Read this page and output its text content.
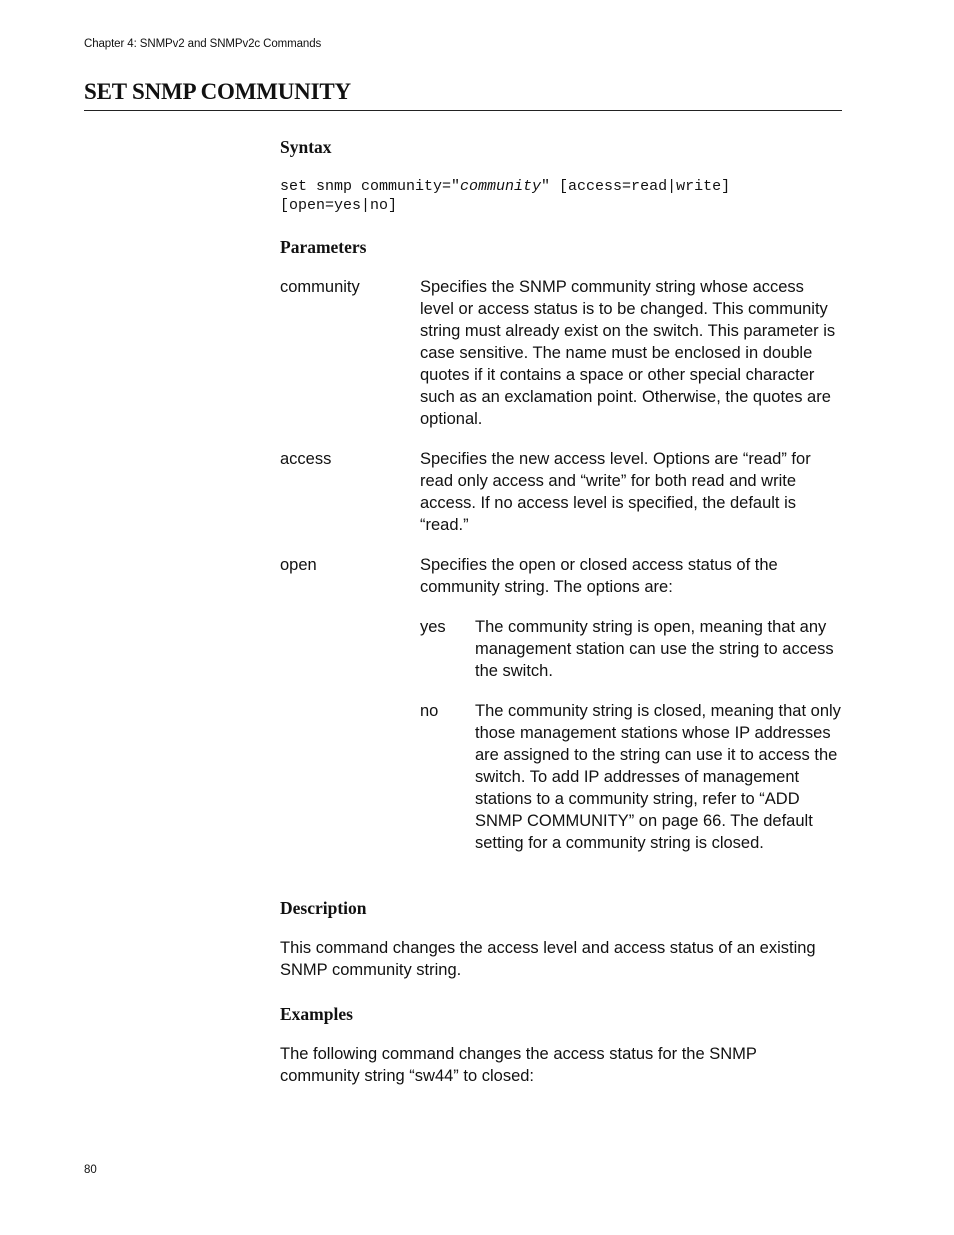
Chapter 4: SNMPv2 and SNMPv2c Commands
SET SNMP COMMUNITY
Syntax
set snmp community="community" [access=read|write]
[open=yes|no]
Parameters
community	Specifies the SNMP community string whose access level or access status is to be changed. This community string must already exist on the switch. This parameter is case sensitive. The name must be enclosed in double quotes if it contains a space or other special character such as an exclamation point. Otherwise, the quotes are optional.
access	Specifies the new access level. Options are “read” for read only access and “write” for both read and write access. If no access level is specified, the default is “read.”
open	Specifies the open or closed access status of the community string. The options are:
yes The community string is open, meaning that any management station can use the string to access the switch.
no The community string is closed, meaning that only those management stations whose IP addresses are assigned to the string can use it to access the switch. To add IP addresses of management stations to a community string, refer to “ADD SNMP COMMUNITY” on page 66. The default setting for a community string is closed.
Description
This command changes the access level and access status of an existing SNMP community string.
Examples
The following command changes the access status for the SNMP community string “sw44” to closed:
80
